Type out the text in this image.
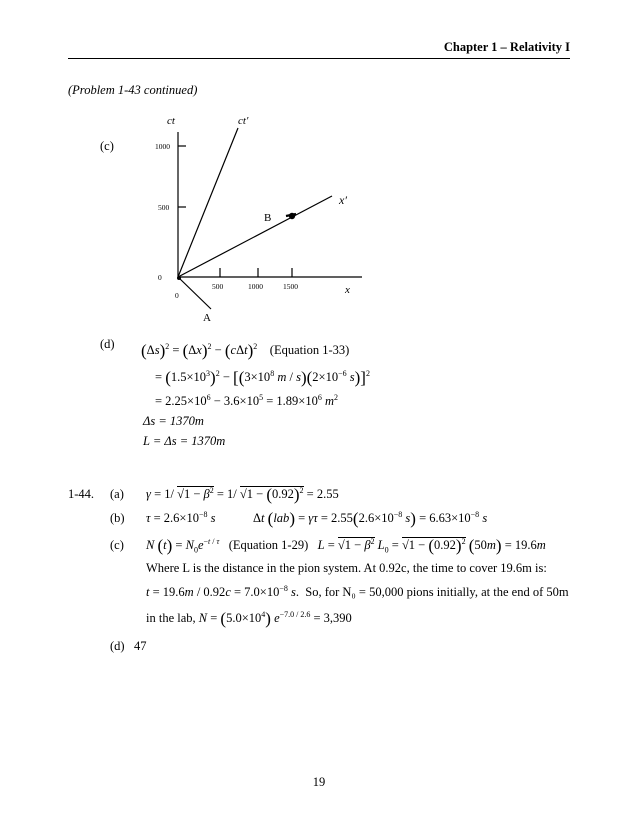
Chapter 1 – Relativity I
(Problem 1-43 continued)
(c)
ct	ct′
x′
x
1000
500
0
0
500	1000	1500
A
B
(d) $(\Delta s)^2 = (\Delta x)^2 - (c\Delta t)^2$ (Equation 1-33)
= $(1.5\times 10^3)^2 - [(3\times 10^8$ $m / s)(2\times 10^{-6}$ s)]$^2$
= $2.25\times 10^6 - 3.6\times 10^5 = 1.89\times 10^6$ $m^2$
Δs = 1370m
L = Δs = 1370m
1-44. (a) γ = 1/ $√1 - \beta^2 = 1/$ $√1 - (0.92)^2 = 2.55$
(b) $\tau = 2.6\times 10^{-8}$ s	Δt $(lab) = \gamma\tau = 2.55(2.6\times 10^{-8}$ $s) = 6.63\times 10^{-8}$ s
(c) N $(t) = N_0e^{-t / \tau}$ (Equation 1-29) $L = √1 - \beta^2$ $L_0 = √1 - (0.92)^2$ (50m) = 19.6m
Where L is the distance in the pion system. At 0.92c, the time to cover 19.6m is:
$t = 19.6m / 0.92c = 7.0\times 10^{-8}$ s.  So, for N₀ = 50,000 pions initially, at the end of 50m
in the lab, $N = (5.0\times 10^4) e^{-7.0 / 2.6} = 3,390$
(d) 47
19
